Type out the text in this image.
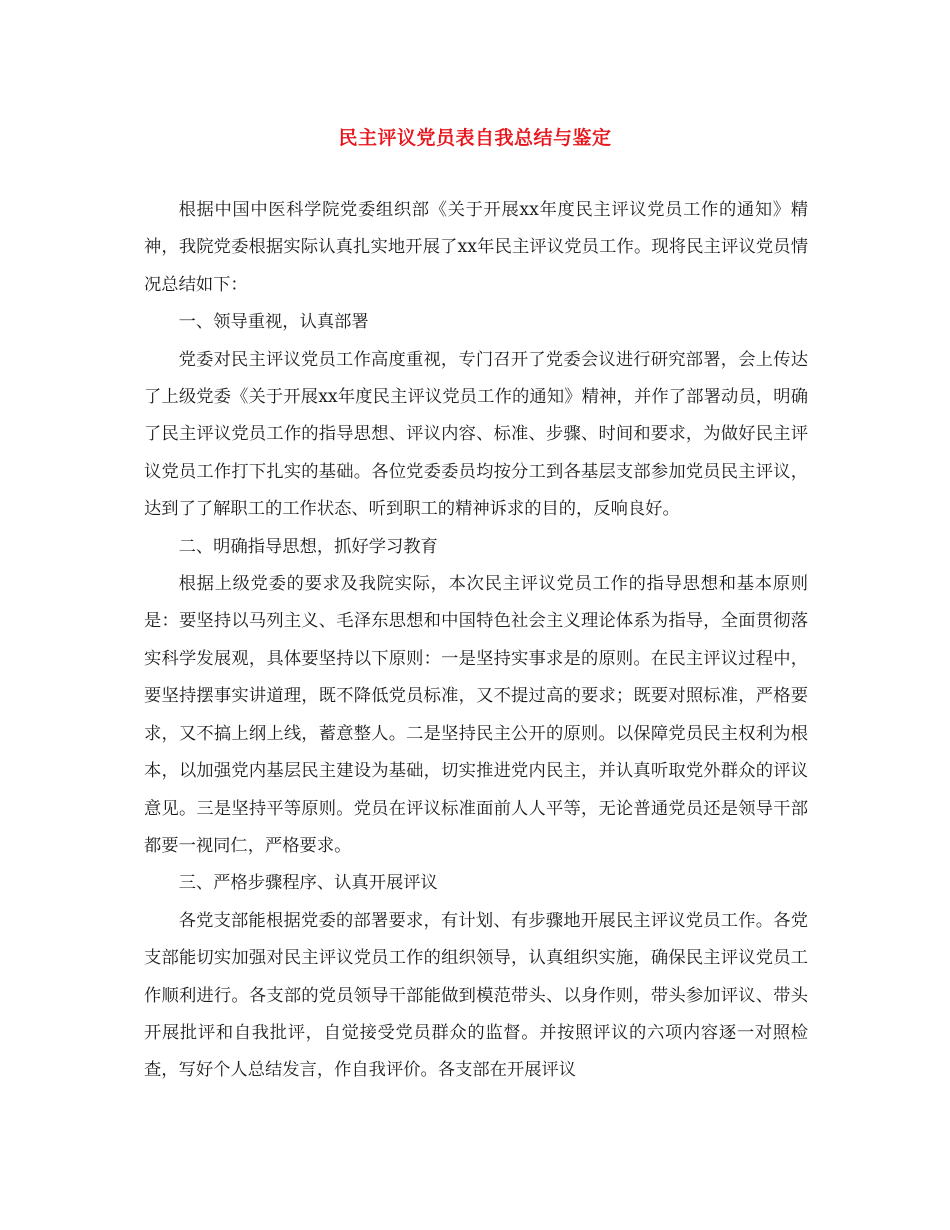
民主评议党员表自我总结与鉴定

根据中国中医科学院党委组织部《关于开展xx年度民主评议党员工作的通知》精神，我院党委根据实际认真扎实地开展了xx年民主评议党员工作。现将民主评议党员情况总结如下：

一、领导重视，认真部署

党委对民主评议党员工作高度重视，专门召开了党委会议进行研究部署，会上传达了上级党委《关于开展xx年度民主评议党员工作的通知》精神，并作了部署动员，明确了民主评议党员工作的指导思想、评议内容、标准、步骤、时间和要求，为做好民主评议党员工作打下扎实的基础。各位党委委员均按分工到各基层支部参加党员民主评议，达到了了解职工的工作状态、听到职工的精神诉求的目的，反响良好。

二、明确指导思想，抓好学习教育

根据上级党委的要求及我院实际，本次民主评议党员工作的指导思想和基本原则是：要坚持以马列主义、毛泽东思想和中国特色社会主义理论体系为指导，全面贯彻落实科学发展观，具体要坚持以下原则：一是坚持实事求是的原则。在民主评议过程中，要坚持摆事实讲道理，既不降低党员标准，又不提过高的要求；既要对照标准，严格要求，又不搞上纲上线，蓄意整人。二是坚持民主公开的原则。以保障党员民主权利为根本，以加强党内基层民主建设为基础，切实推进党内民主，并认真听取党外群众的评议意见。三是坚持平等原则。党员在评议标准面前人人平等，无论普通党员还是领导干部都要一视同仁，严格要求。

三、严格步骤程序、认真开展评议

各党支部能根据党委的部署要求，有计划、有步骤地开展民主评议党员工作。各党支部能切实加强对民主评议党员工作的组织领导，认真组织实施，确保民主评议党员工作顺利进行。各支部的党员领导干部能做到模范带头、以身作则，带头参加评议、带头开展批评和自我批评，自觉接受党员群众的监督。并按照评议的六项内容逐一对照检查，写好个人总结发言，作自我评价。各支部在开展评议
